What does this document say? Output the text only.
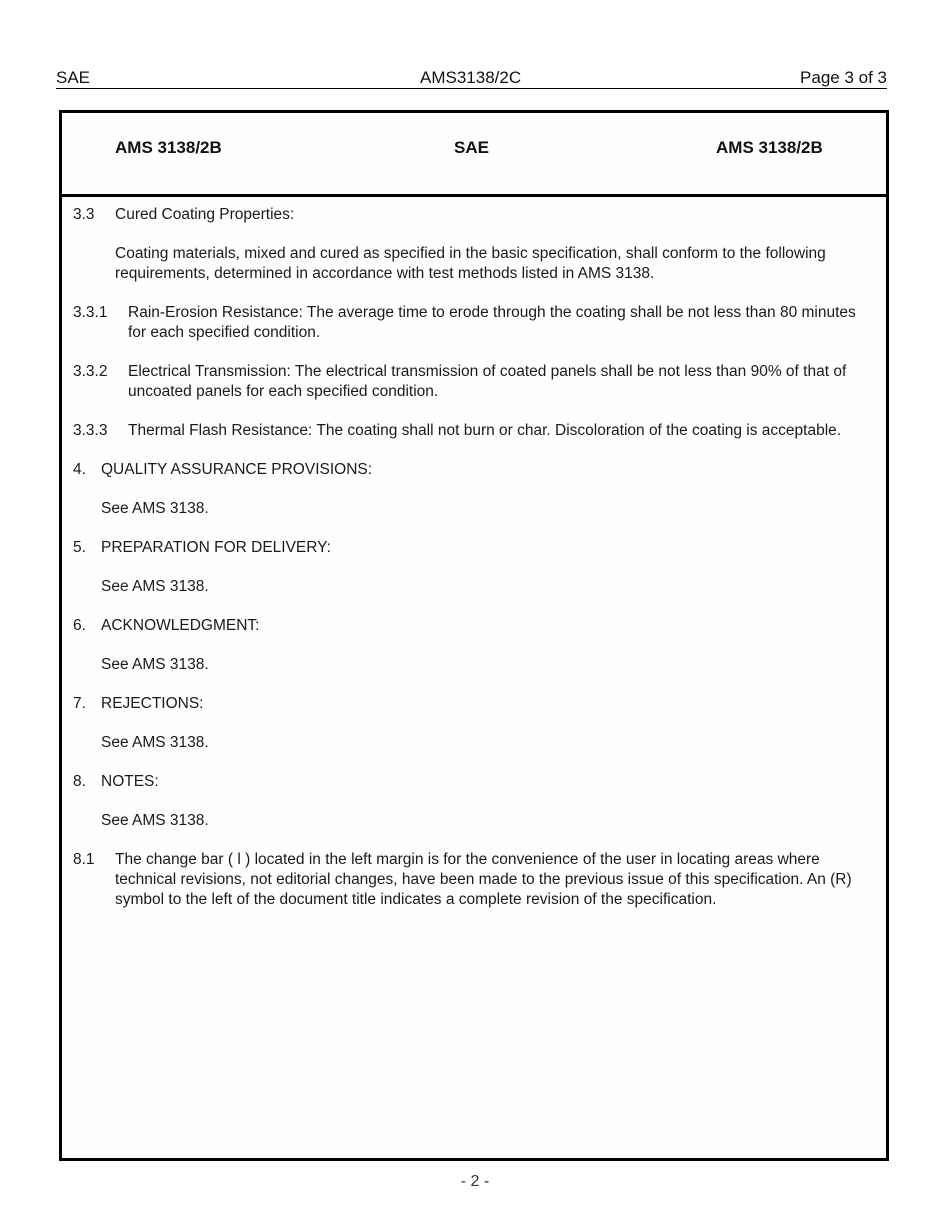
SAE	AMS3138/2C	Page 3 of 3
AMS 3138/2B	SAE	AMS 3138/2B
3.3	Cured Coating Properties:
Coating materials, mixed and cured as specified in the basic specification, shall conform to the following requirements, determined in accordance with test methods listed in AMS 3138.
3.3.1	Rain-Erosion Resistance: The average time to erode through the coating shall be not less than 80 minutes for each specified condition.
3.3.2	Electrical Transmission: The electrical transmission of coated panels shall be not less than 90% of that of uncoated panels for each specified condition.
3.3.3	Thermal Flash Resistance: The coating shall not burn or char. Discoloration of the coating is acceptable.
4. QUALITY ASSURANCE PROVISIONS:
See AMS 3138.
5. PREPARATION FOR DELIVERY:
See AMS 3138.
6. ACKNOWLEDGMENT:
See AMS 3138.
7. REJECTIONS:
See AMS 3138.
8. NOTES:
See AMS 3138.
8.1	The change bar ( l ) located in the left margin is for the convenience of the user in locating areas where technical revisions, not editorial changes, have been made to the previous issue of this specification. An (R) symbol to the left of the document title indicates a complete revision of the specification.
- 2 -
